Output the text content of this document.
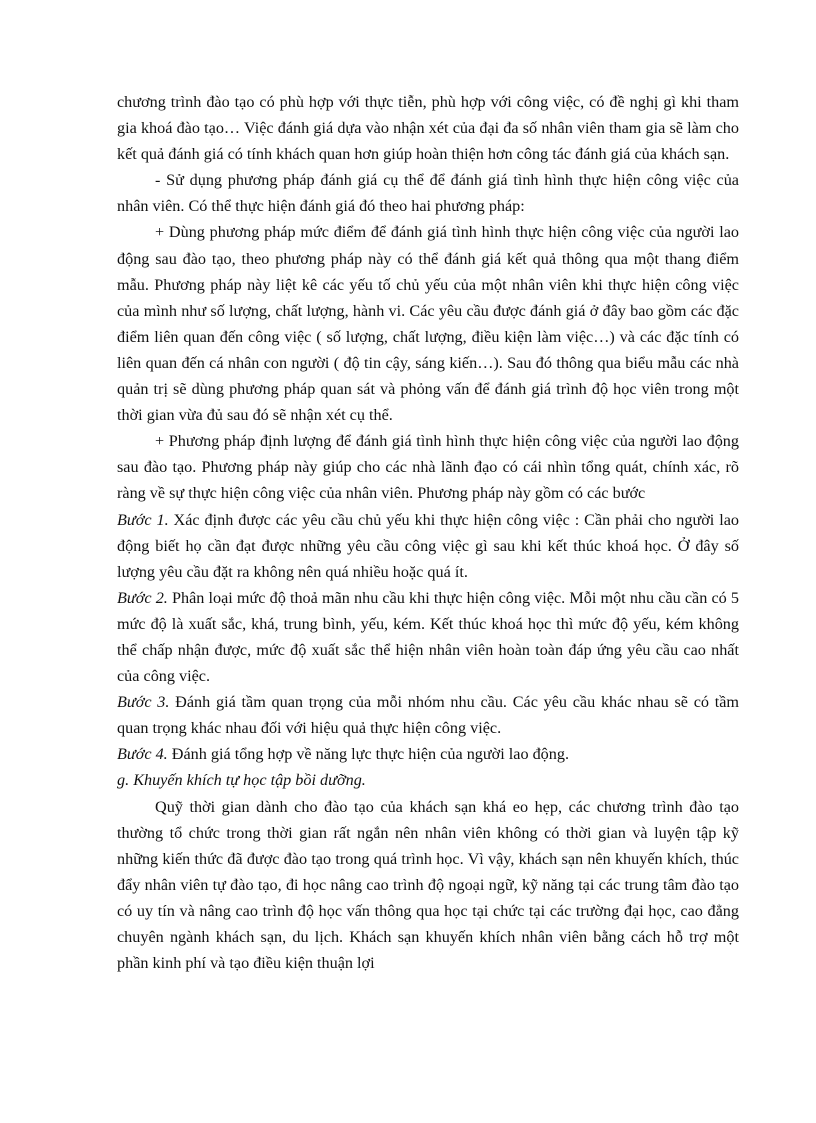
chương trình đào tạo có phù hợp với thực tiễn, phù hợp với công việc, có đề nghị gì khi tham gia khoá đào tạo… Việc đánh giá dựa vào nhận xét của đại đa số nhân viên tham gia sẽ làm cho kết quả đánh giá có tính khách quan hơn giúp hoàn thiện hơn công tác đánh giá của khách sạn.

- Sử dụng phương pháp đánh giá cụ thể để đánh giá tình hình thực hiện công việc của nhân viên. Có thể thực hiện đánh giá đó theo hai phương pháp:

+ Dùng phương pháp mức điểm để đánh giá tình hình thực hiện công việc của người lao động sau đào tạo, theo phương pháp này có thể đánh giá kết quả thông qua một thang điểm mẫu. Phương pháp này liệt kê các yếu tố chủ yếu của một nhân viên khi thực hiện công việc của mình như số lượng, chất lượng, hành vi. Các yêu cầu được đánh giá ở đây bao gồm các đặc điểm liên quan đến công việc ( số lượng, chất lượng, điều kiện làm việc…) và các đặc tính có liên quan đến cá nhân con người ( độ tin cậy, sáng kiến…). Sau đó thông qua biểu mẫu các nhà quản trị sẽ dùng phương pháp quan sát và phỏng vấn để đánh giá trình độ học viên trong một thời gian vừa đủ sau đó sẽ nhận xét cụ thể.

+ Phương pháp định lượng để đánh giá tình hình thực hiện công việc của người lao động sau đào tạo. Phương pháp này giúp cho các nhà lãnh đạo có cái nhìn tổng quát, chính xác, rõ ràng về sự thực hiện công việc của nhân viên. Phương pháp này gồm có các bước

Bước 1. Xác định được các yêu cầu chủ yếu khi thực hiện công việc : Cần phải cho người lao động biết họ cần đạt được những yêu cầu công việc gì sau khi kết thúc khoá học. Ở đây số lượng yêu cầu đặt ra không nên quá nhiều hoặc quá ít.

Bước 2. Phân loại mức độ thoả mãn nhu cầu khi thực hiện công việc. Mỗi một nhu cầu cần có 5 mức độ là xuất sắc, khá, trung bình, yếu, kém. Kết thúc khoá học thì mức độ yếu, kém không thể chấp nhận được, mức độ xuất sắc thể hiện nhân viên hoàn toàn đáp ứng yêu cầu cao nhất của công việc.

Bước 3. Đánh giá tầm quan trọng của mỗi nhóm nhu cầu. Các yêu cầu khác nhau sẽ có tầm quan trọng khác nhau đối với hiệu quả thực hiện công việc.

Bước 4. Đánh giá tổng hợp về năng lực thực hiện của người lao động.

g. Khuyến khích tự học tập bồi dưỡng.

Quỹ thời gian dành cho đào tạo của khách sạn khá eo hẹp, các chương trình đào tạo thường tổ chức trong thời gian rất ngắn nên nhân viên không có thời gian và luyện tập kỹ những kiến thức đã được đào tạo trong quá trình học. Vì vậy, khách sạn nên khuyến khích, thúc đẩy nhân viên tự đào tạo, đi học nâng cao trình độ ngoại ngữ, kỹ năng tại các trung tâm đào tạo có uy tín và nâng cao trình độ học vấn thông qua học tại chức tại các trường đại học, cao đẳng chuyên ngành khách sạn, du lịch. Khách sạn khuyến khích nhân viên bằng cách hỗ trợ một phần kinh phí và tạo điều kiện thuận lợi
